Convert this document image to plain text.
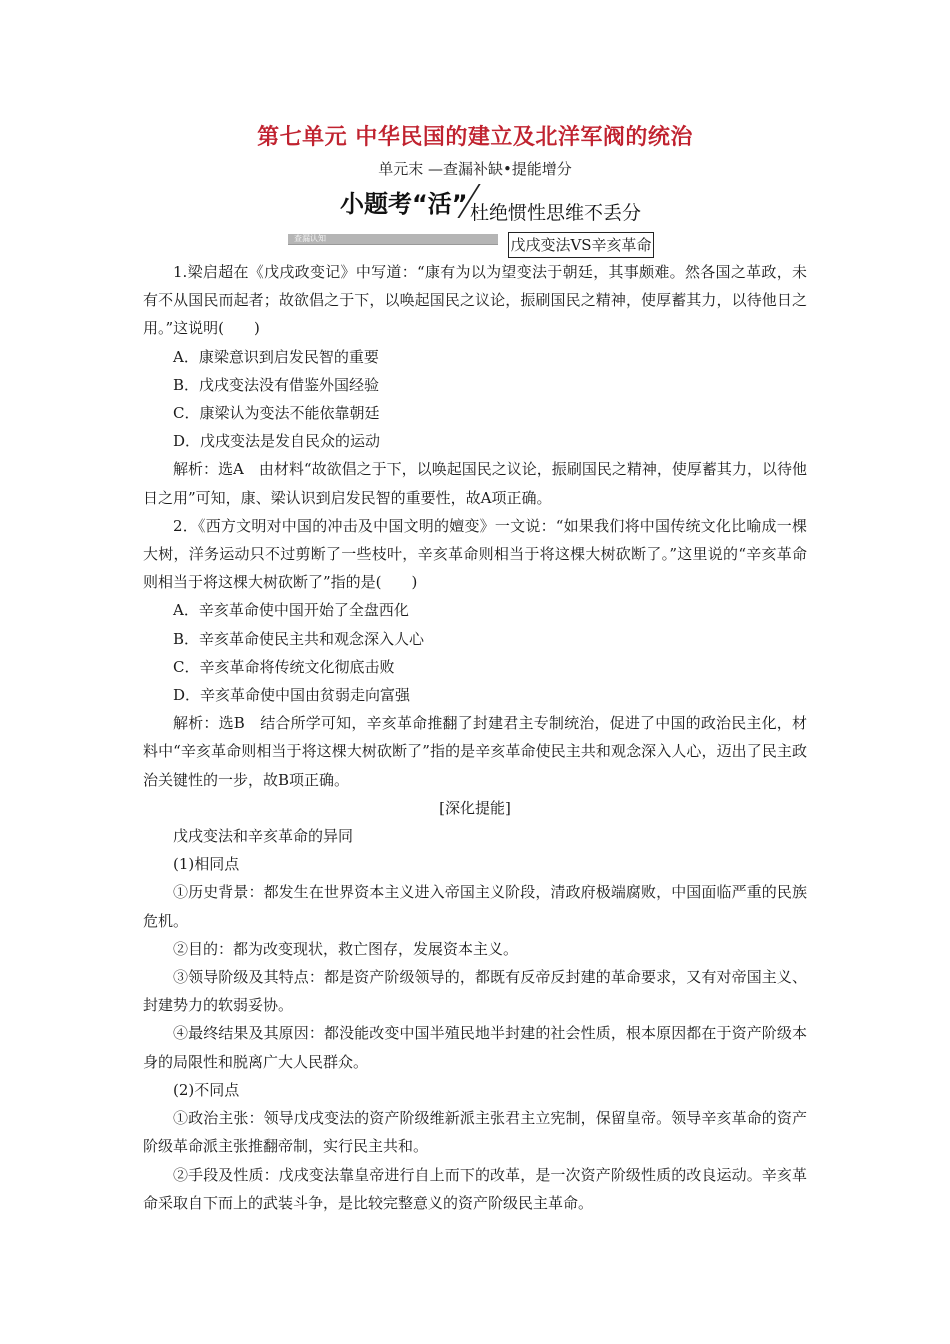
第七单元 中华民国的建立及北洋军阀的统治
单元末 —查漏补缺•提能增分
小题考“活” 杜绝惯性思维不丢分
查漏认知	戊戌变法VS辛亥革命

1.梁启超在《戊戌政变记》中写道：“康有为以为望变法于朝廷，其事颇难。然各国之革政，未有不从国民而起者；故欲倡之于下，以唤起国民之议论，振刷国民之精神，使厚蓄其力，以待他日之用。”这说明(　　)

A．康梁意识到启发民智的重要

B．戊戌变法没有借鉴外国经验

C．康梁认为变法不能依靠朝廷

D．戊戌变法是发自民众的运动

解析：选A　由材料“故欲倡之于下，以唤起国民之议论，振刷国民之精神，使厚蓄其力，以待他日之用”可知，康、梁认识到启发民智的重要性，故A项正确。

2．《西方文明对中国的冲击及中国文明的嬗变》一文说：“如果我们将中国传统文化比喻成一棵大树，洋务运动只不过剪断了一些枝叶，辛亥革命则相当于将这棵大树砍断了。”这里说的“辛亥革命则相当于将这棵大树砍断了”指的是(　　)

A．辛亥革命使中国开始了全盘西化

B．辛亥革命使民主共和观念深入人心

C．辛亥革命将传统文化彻底击败

D．辛亥革命使中国由贫弱走向富强

解析：选B　结合所学可知，辛亥革命推翻了封建君主专制统治，促进了中国的政治民主化，材料中“辛亥革命则相当于将这棵大树砍断了”指的是辛亥革命使民主共和观念深入人心，迈出了民主政治关键性的一步，故B项正确。

[深化提能]

戊戌变法和辛亥革命的异同

(1)相同点

①历史背景：都发生在世界资本主义进入帝国主义阶段，清政府极端腐败，中国面临严重的民族危机。

②目的：都为改变现状，救亡图存，发展资本主义。

③领导阶级及其特点：都是资产阶级领导的，都既有反帝反封建的革命要求，又有对帝国主义、封建势力的软弱妥协。

④最终结果及其原因：都没能改变中国半殖民地半封建的社会性质，根本原因都在于资产阶级本身的局限性和脱离广大人民群众。

(2)不同点

①政治主张：领导戊戌变法的资产阶级维新派主张君主立宪制，保留皇帝。领导辛亥革命的资产阶级革命派主张推翻帝制，实行民主共和。

②手段及性质：戊戌变法靠皇帝进行自上而下的改革，是一次资产阶级性质的改良运动。辛亥革命采取自下而上的武装斗争，是比较完整意义的资产阶级民主革命。
